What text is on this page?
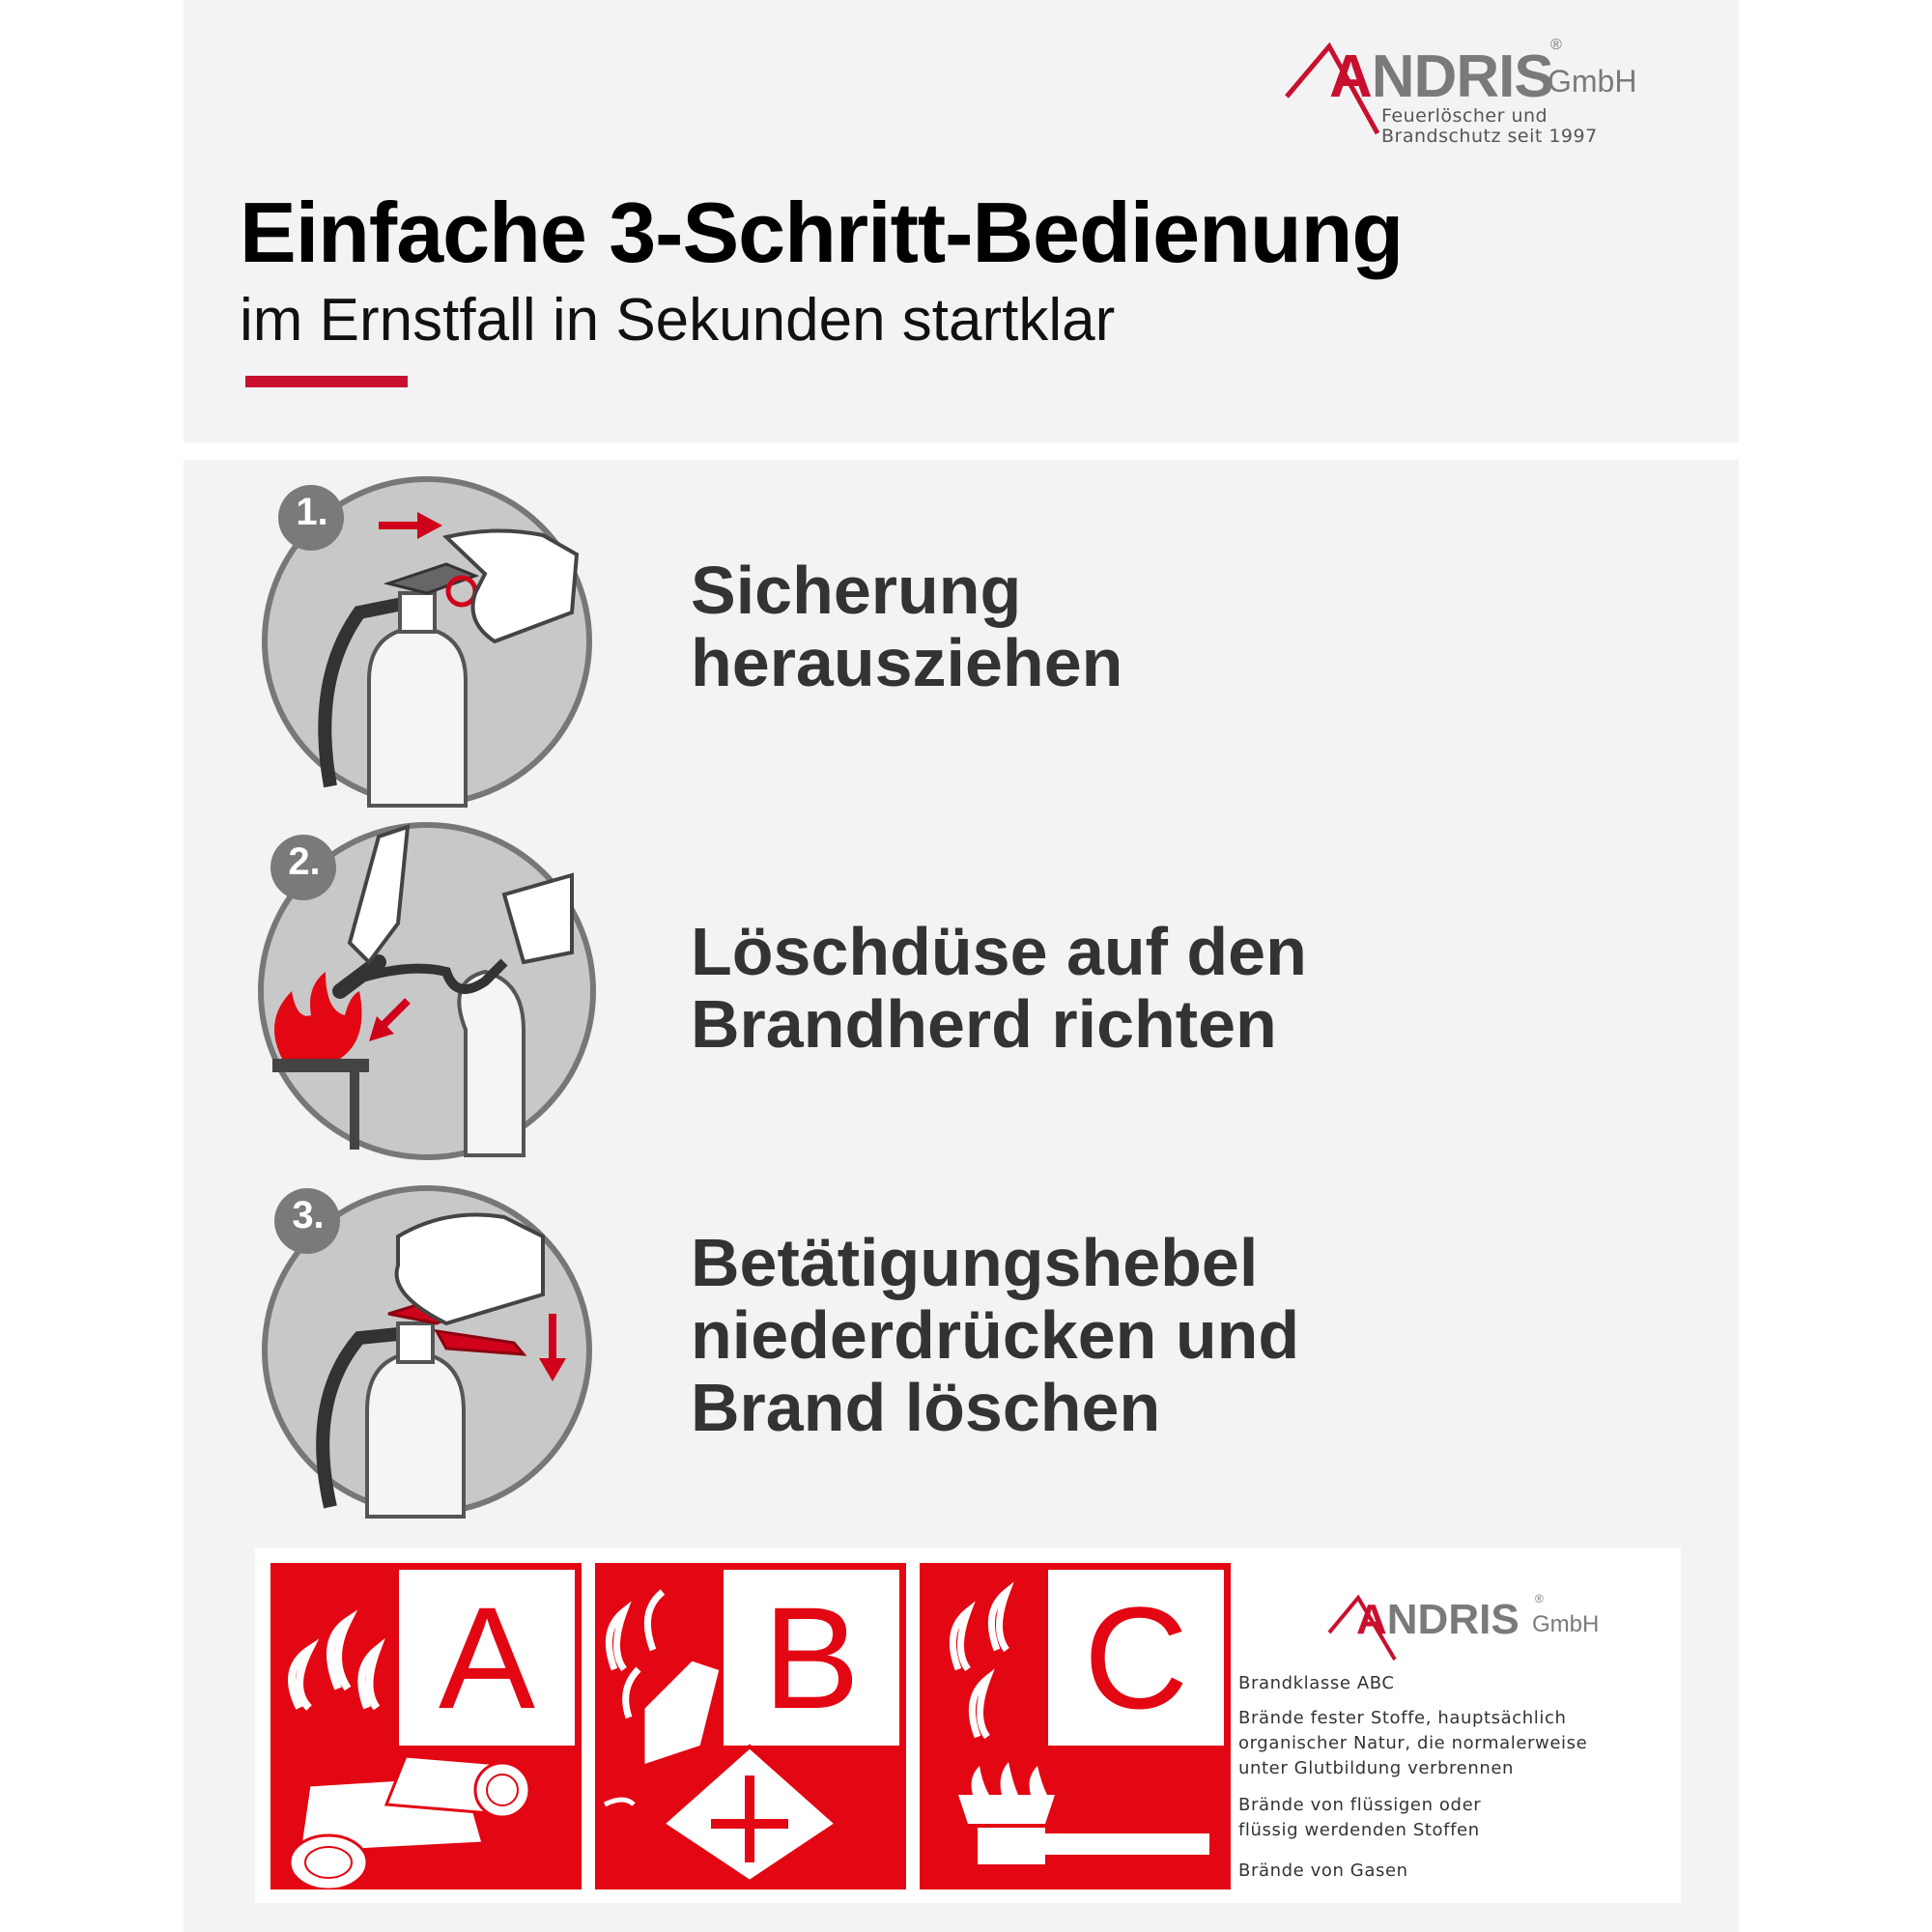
ANDRIS
GmbH
®
Feuerlöscher und
Brandschutz seit 1997
Einfache 3-Schritt-Bedienung
im Ernstfall in Sekunden startklar
1.
Sicherung
herausziehen
2.
Löschdüse auf den
Brandherd richten
3.
Betätigungshebel
niederdrücken und
Brand löschen
A B C	ANDRIS GmbH
®
Brandklasse ABC
Brände fester Stoffe, hauptsächlich
organischer Natur, die normalerweise
unter Glutbildung verbrennen
Brände von flüssigen oder
flüssig werdenden Stoffen
Brände von Gasen
